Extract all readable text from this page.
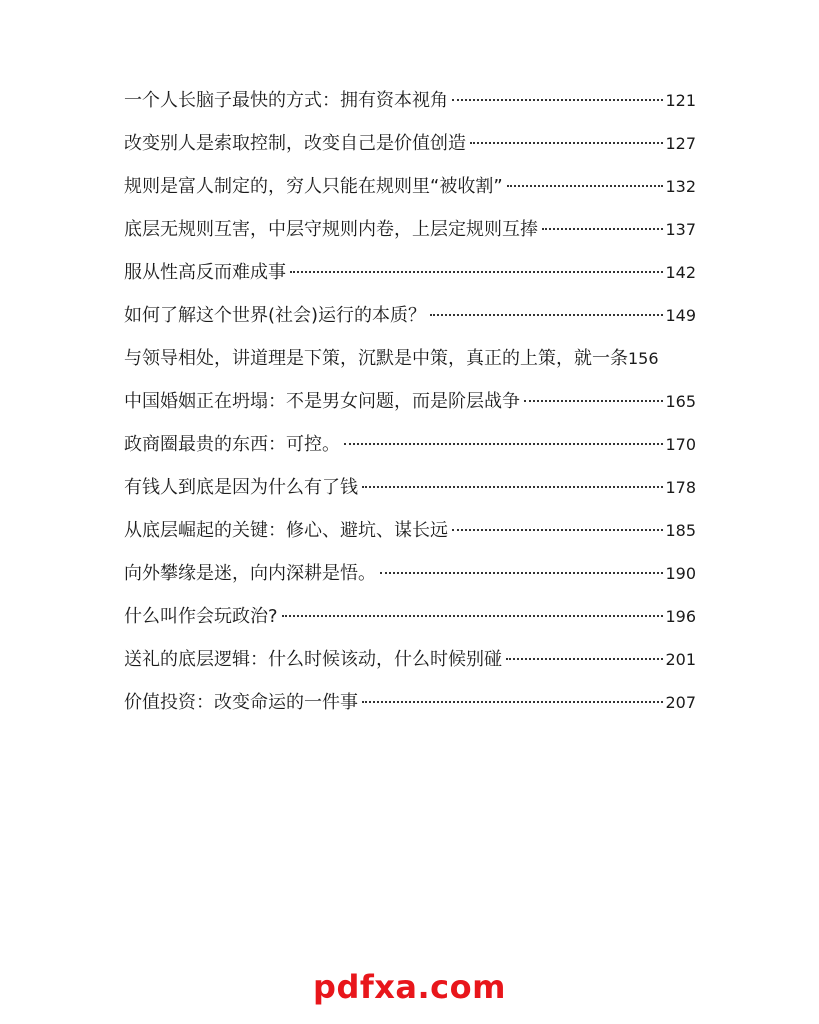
一个人长脑子最快的方式：拥有资本视角	121
改变别人是索取控制，改变自己是价值创造	127
规则是富人制定的，穷人只能在规则里“被收割”	132
底层无规则互害，中层守规则内卷，上层定规则互捧	137
服从性高反而难成事	142
如何了解这个世界(社会)运行的本质？	149
与领导相处，讲道理是下策，沉默是中策，真正的上策，就一条 156
中国婚姻正在坍塌：不是男女问题，而是阶层战争	165
政商圈最贵的东西：可控。	170
有钱人到底是因为什么有了钱	178
从底层崛起的关键：修心、避坑、谋长远	185
向外攀缘是迷，向内深耕是悟。	190
什么叫作会玩政治?	196
送礼的底层逻辑：什么时候该动，什么时候别碰	201
价值投资：改变命运的一件事	207
pdfxa.com
